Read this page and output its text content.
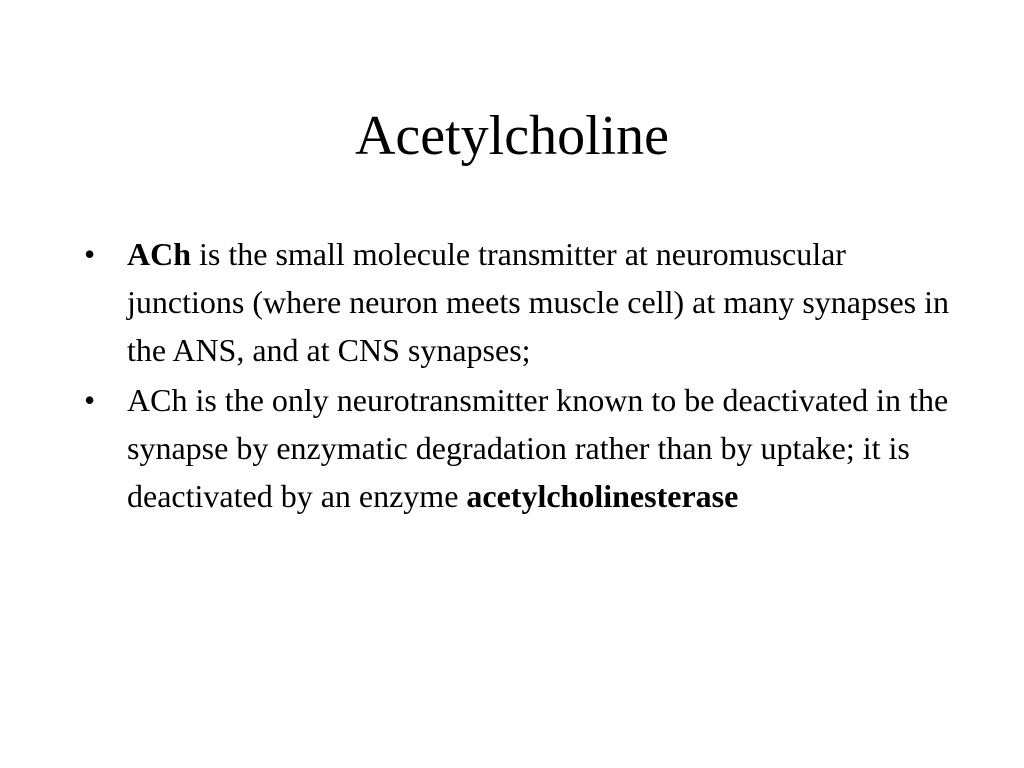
Acetylcholine
• ACh is the small molecule transmitter at neuromuscular junctions (where neuron meets muscle cell) at many synapses in the ANS, and at CNS synapses;
• ACh is the only neurotransmitter known to be deactivated in the synapse by enzymatic degradation rather than by uptake; it is deactivated by an enzyme acetylcholinesterase
